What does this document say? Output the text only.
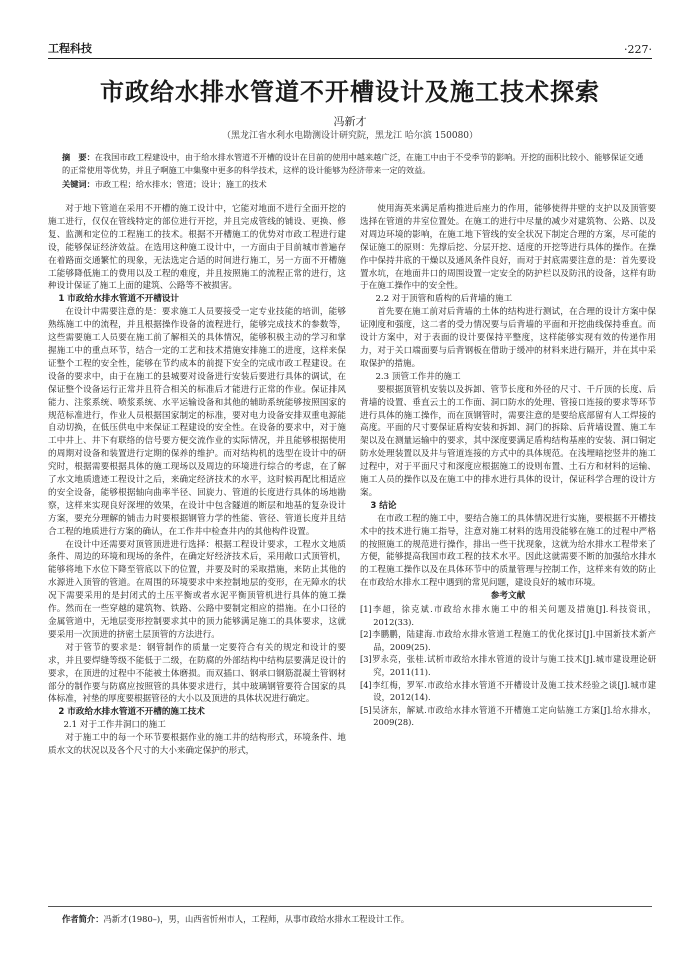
工程科技	·227·
市政给水排水管道不开槽设计及施工技术探索
冯新才
（黑龙江省水利水电勘测设计研究院，黑龙江 哈尔滨 150080）
摘　要：在我国市政工程建设中，由于给水排水管道不开槽的设计在目前的使用中越来越广泛，在施工中由于不受季节的影响。开挖的面积比较小、能够保证交通的正常使用等优势，并且子啊施工中集聚中更多的科学技术，这样的设计能够为经济带来一定的效益。
关键词：市政工程；给水排水；管道；设计；施工的技术

对于地下管道在采用不开槽的施工设计中，它能对地面不进行全面开挖的施工进行，仅仅在管线特定的部位进行开挖，并且完成管线的铺设、更换、修复、监测和定位的工程施工的技术。根据不开槽施工的优势对市政工程进行建设，能够保证经济效益。在选用这种施工设计中，一方面由于目前城市普遍存在着路面交通繁忙的现象，无法选定合适的时间进行施工，另一方面不开槽施工能够降低施工的费用以及工程的难度，并且按照施工的流程正常的进行，这种设计保证了施工上面的建筑、公路等不被损害。

1 市政给水排水管道不开槽设计

在设计中需要注意的是：要求施工人员要接受一定专业技能的培训，能够熟练施工中的流程，并且根据操作设备的流程进行，能够完成技术的参数等，这些需要施工人员要在施工前了解相关的具体情况，能够积极主动的学习和掌握施工中的重点环节，结合一定的工艺和技术措施安排施工的进度，这样来保证整个工程的安全性，能够在节约成本的前提下安全的完成市政工程建设。在设备的要求中，由于在施工的县城要对设备进行安装后要进行具体的调试，在保证整个设备运行正常并且符合相关的标准后才能进行正常的作业。保证排风能力、注浆系统、喷浆系统、水平运输设备和其他的辅助系统能够按照国家的规范标准进行，作业人员根据国家制定的标准，要对电力设备安排双重电源能自动切换，在低压供电中来保证工程建设的安全性。在设备的要求中，对于施工中井上、井下有联络的信号要方便交流作业的实际情况，并且能够根据使用的周期对设备和装置进行定期的保养的维护。而对结构机的选型在设计中的研究时，根据需要根据具体的施工现场以及周边的环境进行综合的考虑，在了解了水文地质遗迹工程设计之后，来确定经济技术的水平，这时候再配比相适应的安全设备，能够根据轴向曲率半径、回旋力、管道的长度进行具体的场地勘察，这样来实现良好深埋的效果，在设计中包含隧道的断层和地基的复杂设计方案，要充分理解的铺击力时要根据钢管力学的性能、管径、管道长度并且结合工程的地质进行方案的确认，在工作井中检查井内的其他构件设置。

在设计中还需要对顶管顶进进行选择：根据工程设计要求，工程水文地质条件、周边的环境和现场的条件，在确定好经济技术后，采用敞口式顶管机，能够将地下水位下降至管底以下的位置，并要及时的采取措施，来防止其他的水源进入顶管的管道。在周围的环境要求中来控制地层的变形，在无障水的状况下需要采用的是封闭式的土压平衡或者水泥平衡顶管机进行具体的施工操作。然而在一些穿越的建筑物、铁路、公路中要制定相应的措施。在小口径的金属管道中，无地层变形控制要求其中的顶力能够满足施工的具体要求，这就要采用一次顶进的挤密土层顶管的方法进行。

对于管节的要求是：钢管制作的质量一定要符合有关的规定和设计的要求，并且要焊缝等级不能低于二级，在防腐的外部结构中结构层要满足设计的要求，在顶进的过程中不能被土体磨损。而双插口、钢承口钢筋混凝土管钢材部分的制作要与防腐应按照管的具体要求进行，其中玻璃钢管要符合国家的具体标准，衬垫的厚度要根据管径的大小以及顶进的具体状况进行确定。

2 市政给水排水管道不开槽的施工技术
2.1 对于工作井洞口的施工

对于施工中的每一个环节要根据作业的施工井的结构形式，环境条件、地质水文的状况以及各个尺寸的大小来确定保护的形式，

使用海英来满足盾构推进后座力的作用，能够使得井壁的支护以及顶管要选择在管道的井室位置处。在施工的进行中尽量的减少对建筑物、公路、以及对周边环境的影响，在施工地下管线的安全状况下制定合理的方案，尽可能的保证施工的原则：先撑后挖、分层开挖、适度的开挖等进行具体的操作。在操作中保持井底的干燥以及通风条件良好，而对于封底需要注意的是：首先要设置水坑，在地面井口的周围设置一定安全的防护栏以及防汛的设备，这样有助于在施工操作中的安全性。

2.2 对于顶管和盾构的后背墙的施工

首先要在施工前对后背墙的土体的结构进行测试，在合理的设计方案中保证刚度和强度，这二者的受力情况要与后背墙的平面和开挖曲线保持垂直。而设计方案中，对于表面的设计要保持平整度，这样能够实现有效的传递作用力，对于关口端面要与后背钢板在借助于缓冲的材料来进行隔开，并在其中采取保护的措施。

2.3 顶管工作井的施工

要根据顶管机安装以及拆卸、管节长度和外径的尺寸、千斤顶的长度、后背墙的设置、垂直云土的工作面、洞口防水的处理、管接口连接的要求等环节进行具体的施工操作，而在顶钢管时，需要注意的是要给底部留有人工焊接的高度。平面的尺寸要保证盾构安装和拆卸、洞门的拆除、后背墙设置、施工车架以及在测量运输中的要求，其中深度要满足盾构结构基座的安装、洞口铜定防水处理装置以及井与管道连接的方式中的具体规范。在浅埋暗挖竖井的施工过程中，对于平面尺寸和深度应根据施工的设则布置、土石方和材料的运输、施工人员的操作以及在施工中的排水进行具体的设计，保证科学合理的设计方案。

3 结论

在市政工程的施工中，要结合施工的具体情况进行实施，要根据不开槽技术中的技术进行施工指导，注意对施工材料的选用没能够在施工的过程中严格的按照施工的规范进行操作，排出一些干扰现象，这就为给水排水工程带来了方便，能够提高我国市政工程的技术水平。因此这就需要不断的加强给水排水的工程施工操作以及在具体环节中的质量管理与控制工作，这样来有效的防止在市政给水排水工程中遇到的常见问题，建设良好的城市环境。

参考文献
[1]李超，徐克斌.市政给水排水施工中的相关问题及措施[J].科技资讯，2012(33).
[2]李鹏鹏，陆建海.市政给水排水管道工程施工的优化探讨[J].中国新技术新产品，2009(25).
[3]罗永亮，张桂.试析市政给水排水管道的设计与施工技术[J].城市建设理论研究，2011(11).
[4]李红梅，罗军.市政给水排水管道不开槽设计及施工技术经验之谈[J].城市建设，2012(14).
[5]吴济东，解斌.市政给水排水管道不开槽施工定向钻施工方案[J].给水排水，2009(28).
作者简介：冯新才(1980–)，男，山西省忻州市人，工程师，从事市政给水排水工程设计工作。
